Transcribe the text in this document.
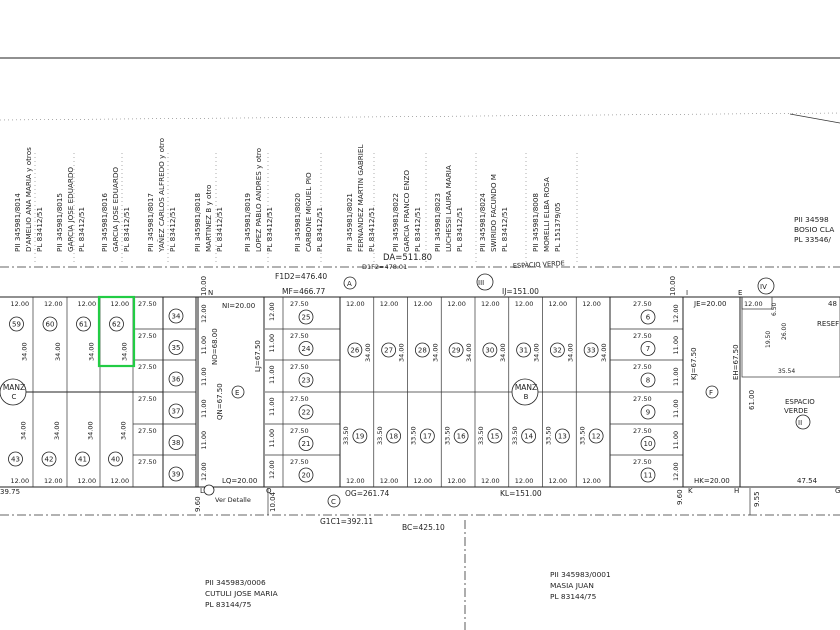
PII 345981/8014 D'AMELIO ANA MARIA y otros PL 83412/51 PII 345981/8015 GARCIA JOSE EDUARDO PL 83412/51 PII 345981/8016 GARCIA JOSE EDUARDO PL 83412/51 PII 345981/8017 YAÑEZ CARLOS ALFREDO y otro PL 83412/51 PII 345981/8018 MARTINEZ B y otro PL 83412/51	PII 345981/8019 LOPEZ PABLO ANDRES y otro PL 83412/51	PII 345981/8020 CARBONE MIGUEL PIO PL 83412/51	PII 345981/8021 FERNANDEZ MARTIN GABRIEL PL 83412/51 PII 345981/8022 GARCIA FRANCO ENZO PL 83412/51 PII 345981/8023 LUCHESSI LAURA MARIA PL 83412/51 PII 345981/8024 SWIRIDO FACUNDO M PL 83412/51	PII 345981/8008 MORELLI ELBA ROSA PL 151379/05	PII 34598
BOSIO CLA
PL 33546/
DA=511.80
F1D2=476.40
D1F2=478.01
MF=466.77	IJ=151.00
ESPACIO VERDE
A	III
10.00	10.00
N	I	E
IV
L	Q	K	H	G
12.00
59
34.00
12.00
60
34.00
12.00
61
34.00
12.00
62
34.00
43
34.00
12.00
42
34.00
12.00
41
34.00
12.00
40
34.00
12.00
MANZ
C
27.50
34	12.00
27.50
35	11.00
27.50
36	11.00
27.50
37	11.00
27.50
38	11.00
27.50
39	12.00
27.50
25
12.00
27.50
24
11.00
27.50
23
11.00
27.50
22
11.00
27.50
21
11.00
27.50
20
12.00
12.00
26 34.00
12.00
27 34.00
12.00
28 34.00
12.00
29 34.00
12.00
30 34.00
12.00
31 34.00
12.00
32 34.00
12.00
33 34.00
19
33.50
12.00
18
33.50
12.00
17
33.50
12.00
16
33.50
12.00
15
33.50
12.00
14
33.50
12.00
13
33.50
12.00
12
33.50
12.00
MANZ
B
27.50
6	12.00
27.50
7	11.00
27.50
8	11.00
27.50
9	11.00
27.50
10	11.00
27.50
11	12.00
NI=20.00
LQ=20.00
E
QN=67.50
NO=68.00	LJ=67.50
JE=20.00
HK=20.00
F
KJ=67.50	EH=67.50
12.00 6.50
19.50 26.00
35.54
48
RESEF
61.00	ESPACIO
VERDE
II
47.54
39.75	OG=261.74	KL=151.00
C
G1C1=392.11
BC=425.10
Ver Detalle
9.60	10.04	9.60	9.55
PII 345983/0006
CUTULI JOSE MARIA
PL 83144/75
PII 345983/0001
MASIA JUAN
PL 83144/75
